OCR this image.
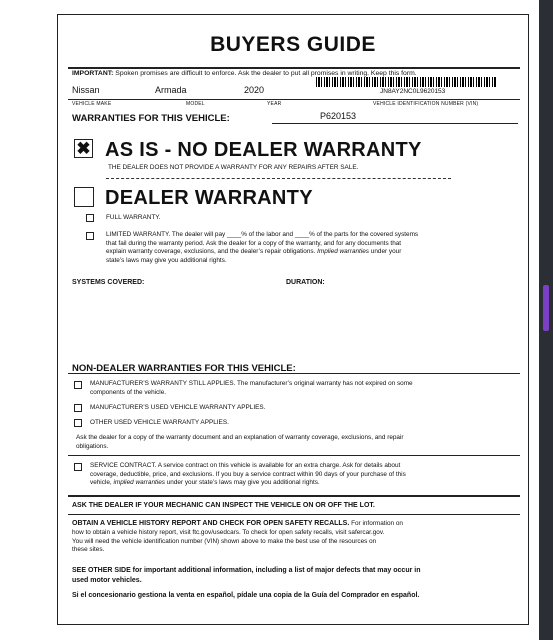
BUYERS GUIDE
IMPORTANT: Spoken promises are difficult to enforce. Ask the dealer to put all promises in writing. Keep this form.
Nissan	Armada	2020	JN8AY2NC0L9620153
VEHICLE MAKE	MODEL	YEAR	VEHICLE IDENTIFICATION NUMBER (VIN)
WARRANTIES FOR THIS VEHICLE:	P620153
✖ AS IS - NO DEALER WARRANTY
THE DEALER DOES NOT PROVIDE A WARRANTY FOR ANY REPAIRS AFTER SALE.
DEALER WARRANTY
FULL WARRANTY.
LIMITED WARRANTY. The dealer will pay ____% of the labor and ____% of the parts for the covered systems
that fail during the warranty period. Ask the dealer for a copy of the warranty, and for any documents that
explain warranty coverage, exclusions, and the dealer’s repair obligations. Implied warranties under your
state’s laws may give you additional rights.
SYSTEMS COVERED:	DURATION:
NON-DEALER WARRANTIES FOR THIS VEHICLE:
MANUFACTURER’S WARRANTY STILL APPLIES. The manufacturer’s original warranty has not expired on some
components of the vehicle.
MANUFACTURER’S USED VEHICLE WARRANTY APPLIES.
OTHER USED VEHICLE WARRANTY APPLIES.
Ask the dealer for a copy of the warranty document and an explanation of warranty coverage, exclusions, and repair
obligations.
SERVICE CONTRACT. A service contract on this vehicle is available for an extra charge. Ask for details about
coverage, deductible, price, and exclusions. If you buy a service contract within 90 days of your purchase of this
vehicle, implied warranties under your state’s laws may give you additional rights.
ASK THE DEALER IF YOUR MECHANIC CAN INSPECT THE VEHICLE ON OR OFF THE LOT.
OBTAIN A VEHICLE HISTORY REPORT AND CHECK FOR OPEN SAFETY RECALLS. For information on
how to obtain a vehicle history report, visit ftc.gov/usedcars. To check for open safety recalls, visit safercar.gov.
You will need the vehicle identification number (VIN) shown above to make the best use of the resources on
these sites.
SEE OTHER SIDE for important additional information, including a list of major defects that may occur in
used motor vehicles.
Si el concesionario gestiona la venta en español, pídale una copia de la Guía del Comprador en español.
